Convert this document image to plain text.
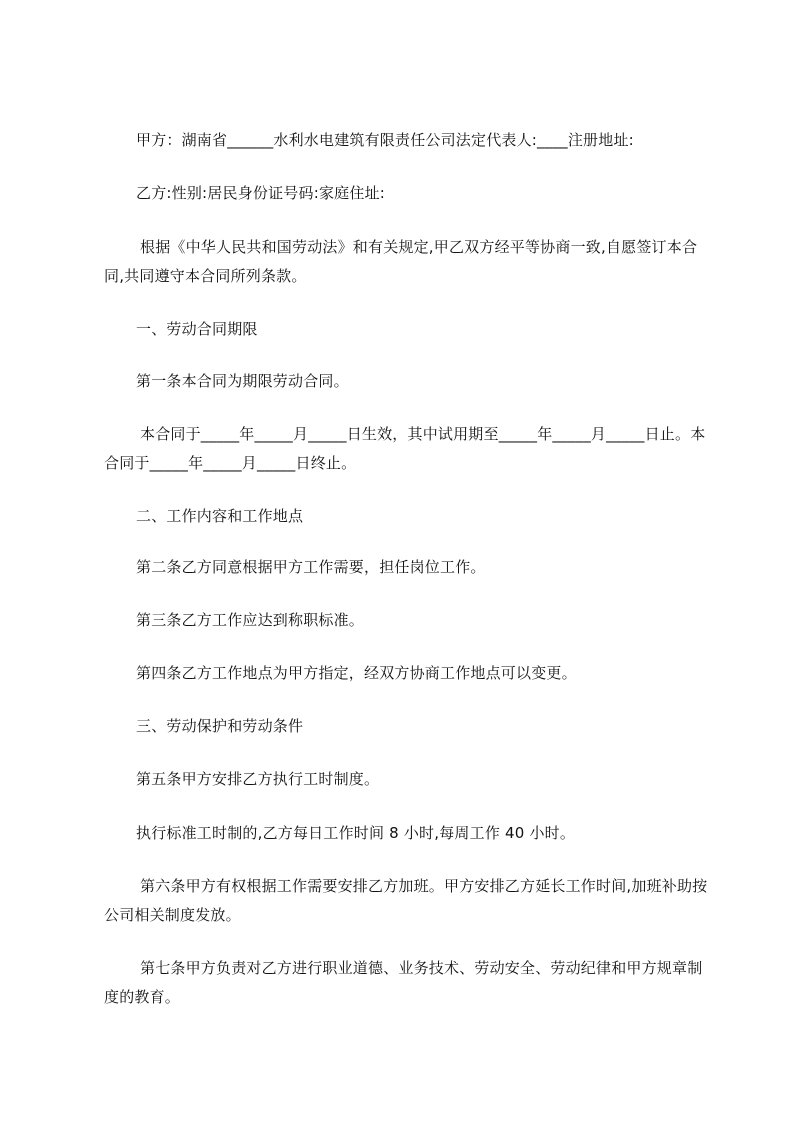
甲方：湖南省______水利水电建筑有限责任公司法定代表人:____注册地址:

乙方:性别:居民身份证号码:家庭住址:

根据《中华人民共和国劳动法》和有关规定,甲乙双方经平等协商一致,自愿签订本合同,共同遵守本合同所列条款。

一、劳动合同期限

第一条本合同为期限劳动合同。

本合同于_____年_____月_____日生效，其中试用期至_____年_____月_____日止。本合同于_____年_____月_____日终止。

二、工作内容和工作地点

第二条乙方同意根据甲方工作需要，担任岗位工作。

第三条乙方工作应达到称职标准。

第四条乙方工作地点为甲方指定，经双方协商工作地点可以变更。

三、劳动保护和劳动条件

第五条甲方安排乙方执行工时制度。

执行标准工时制的,乙方每日工作时间 8 小时,每周工作 40 小时。

第六条甲方有权根据工作需要安排乙方加班。甲方安排乙方延长工作时间,加班补助按公司相关制度发放。

第七条甲方负责对乙方进行职业道德、业务技术、劳动安全、劳动纪律和甲方规章制度的教育。
